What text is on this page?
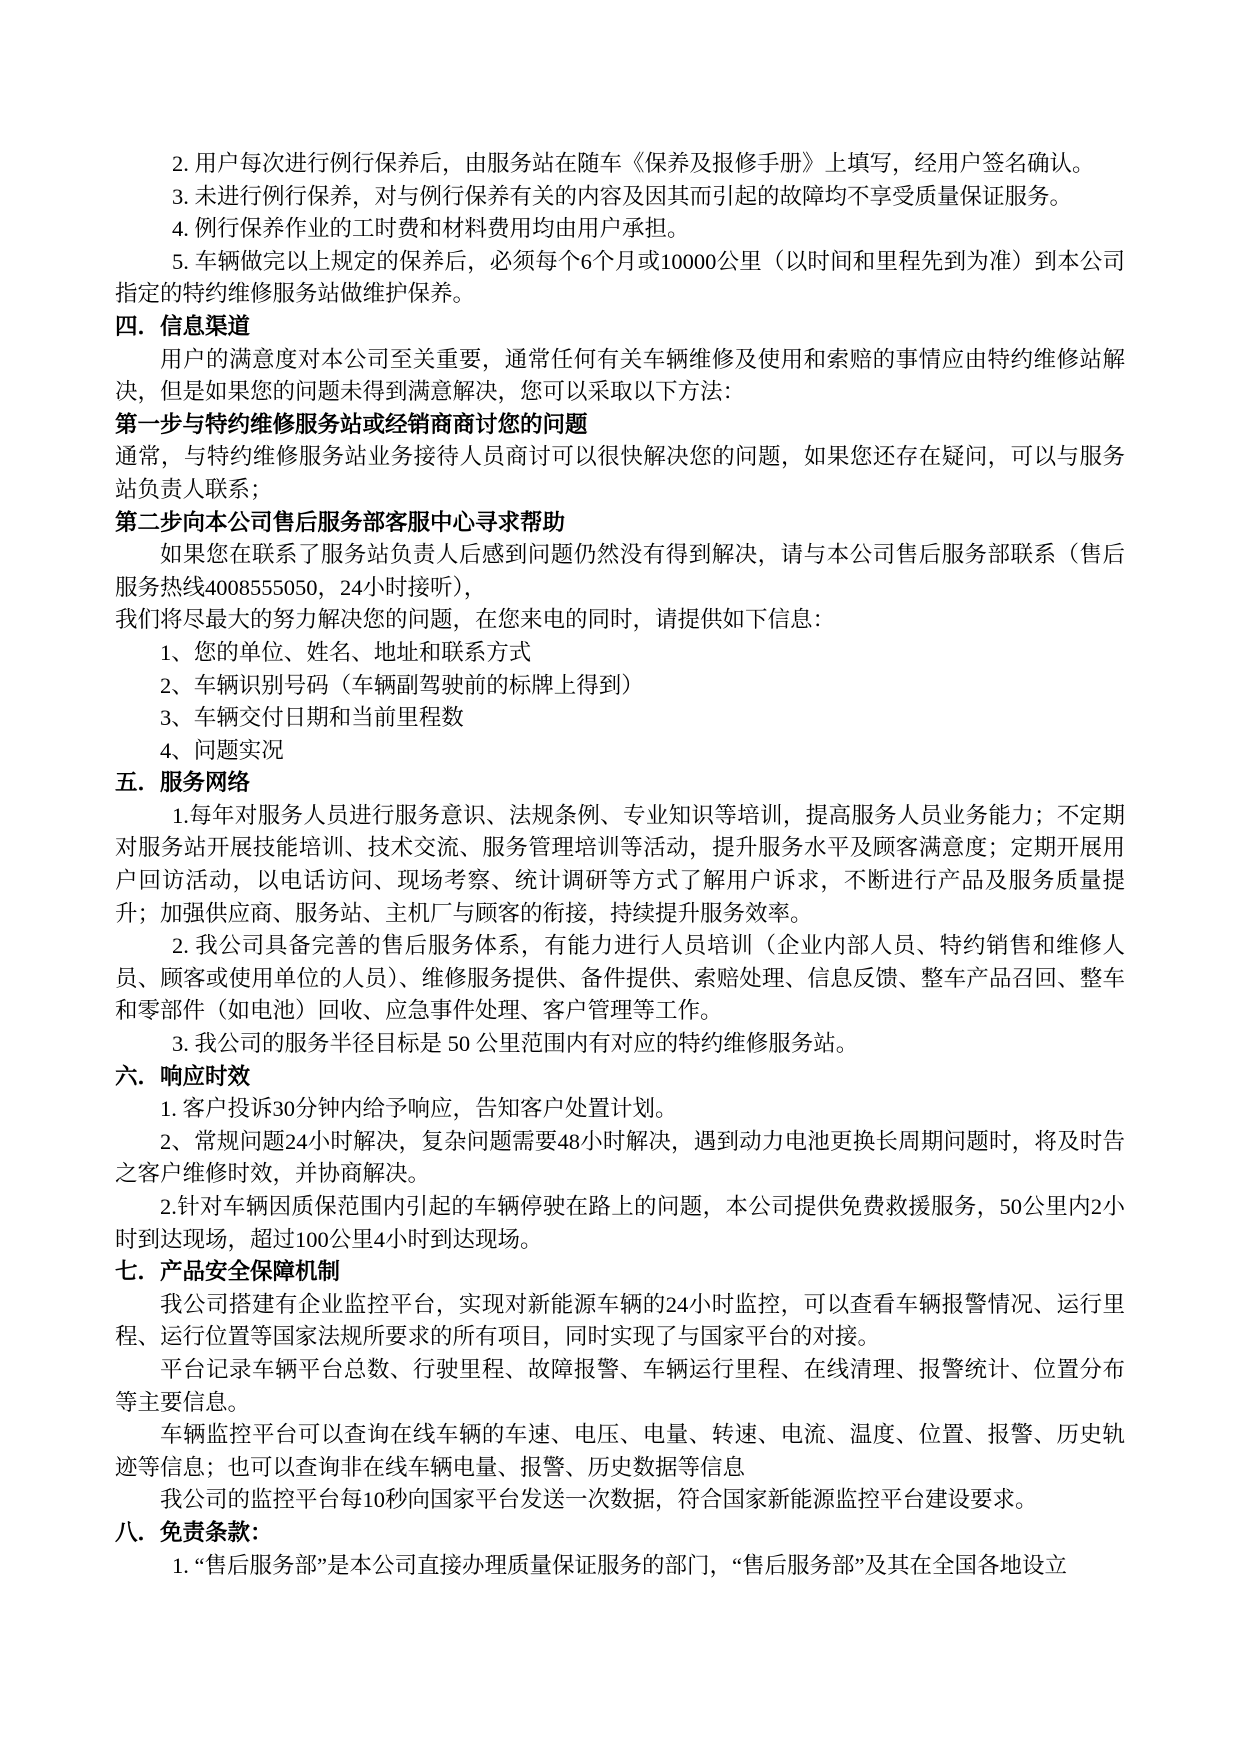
2. 用户每次进行例行保养后，由服务站在随车《保养及报修手册》上填写，经用户签名确认。

3. 未进行例行保养，对与例行保养有关的内容及因其而引起的故障均不享受质量保证服务。

4. 例行保养作业的工时费和材料费用均由用户承担。

5. 车辆做完以上规定的保养后，必须每个6个月或10000公里（以时间和里程先到为准）到本公司指定的特约维修服务站做维护保养。

四．信息渠道

用户的满意度对本公司至关重要，通常任何有关车辆维修及使用和索赔的事情应由特约维修站解决，但是如果您的问题未得到满意解决，您可以采取以下方法：

第一步与特约维修服务站或经销商商讨您的问题

通常，与特约维修服务站业务接待人员商讨可以很快解决您的问题，如果您还存在疑问，可以与服务站负责人联系；

第二步向本公司售后服务部客服中心寻求帮助

如果您在联系了服务站负责人后感到问题仍然没有得到解决，请与本公司售后服务部联系（售后服务热线4008555050，24小时接听），

我们将尽最大的努力解决您的问题，在您来电的同时，请提供如下信息：

1、您的单位、姓名、地址和联系方式

2、车辆识别号码（车辆副驾驶前的标牌上得到）

3、车辆交付日期和当前里程数

4、问题实况

五．服务网络

1.每年对服务人员进行服务意识、法规条例、专业知识等培训，提高服务人员业务能力；不定期对服务站开展技能培训、技术交流、服务管理培训等活动，提升服务水平及顾客满意度；定期开展用户回访活动，以电话访问、现场考察、统计调研等方式了解用户诉求，不断进行产品及服务质量提升；加强供应商、服务站、主机厂与顾客的衔接，持续提升服务效率。

2. 我公司具备完善的售后服务体系，有能力进行人员培训（企业内部人员、特约销售和维修人员、顾客或使用单位的人员）、维修服务提供、备件提供、索赔处理、信息反馈、整车产品召回、整车和零部件（如电池）回收、应急事件处理、客户管理等工作。

3. 我公司的服务半径目标是 50 公里范围内有对应的特约维修服务站。

六．响应时效

1. 客户投诉30分钟内给予响应，告知客户处置计划。

2、常规问题24小时解决，复杂问题需要48小时解决，遇到动力电池更换长周期问题时，将及时告之客户维修时效，并协商解决。

2.针对车辆因质保范围内引起的车辆停驶在路上的问题，本公司提供免费救援服务，50公里内2小时到达现场，超过100公里4小时到达现场。

七．产品安全保障机制

我公司搭建有企业监控平台，实现对新能源车辆的24小时监控，可以查看车辆报警情况、运行里程、运行位置等国家法规所要求的所有项目，同时实现了与国家平台的对接。

平台记录车辆平台总数、行驶里程、故障报警、车辆运行里程、在线清理、报警统计、位置分布等主要信息。

车辆监控平台可以查询在线车辆的车速、电压、电量、转速、电流、温度、位置、报警、历史轨迹等信息；也可以查询非在线车辆电量、报警、历史数据等信息

我公司的监控平台每10秒向国家平台发送一次数据，符合国家新能源监控平台建设要求。

八．免责条款：

1. “售后服务部”是本公司直接办理质量保证服务的部门，“售后服务部”及其在全国各地设立
